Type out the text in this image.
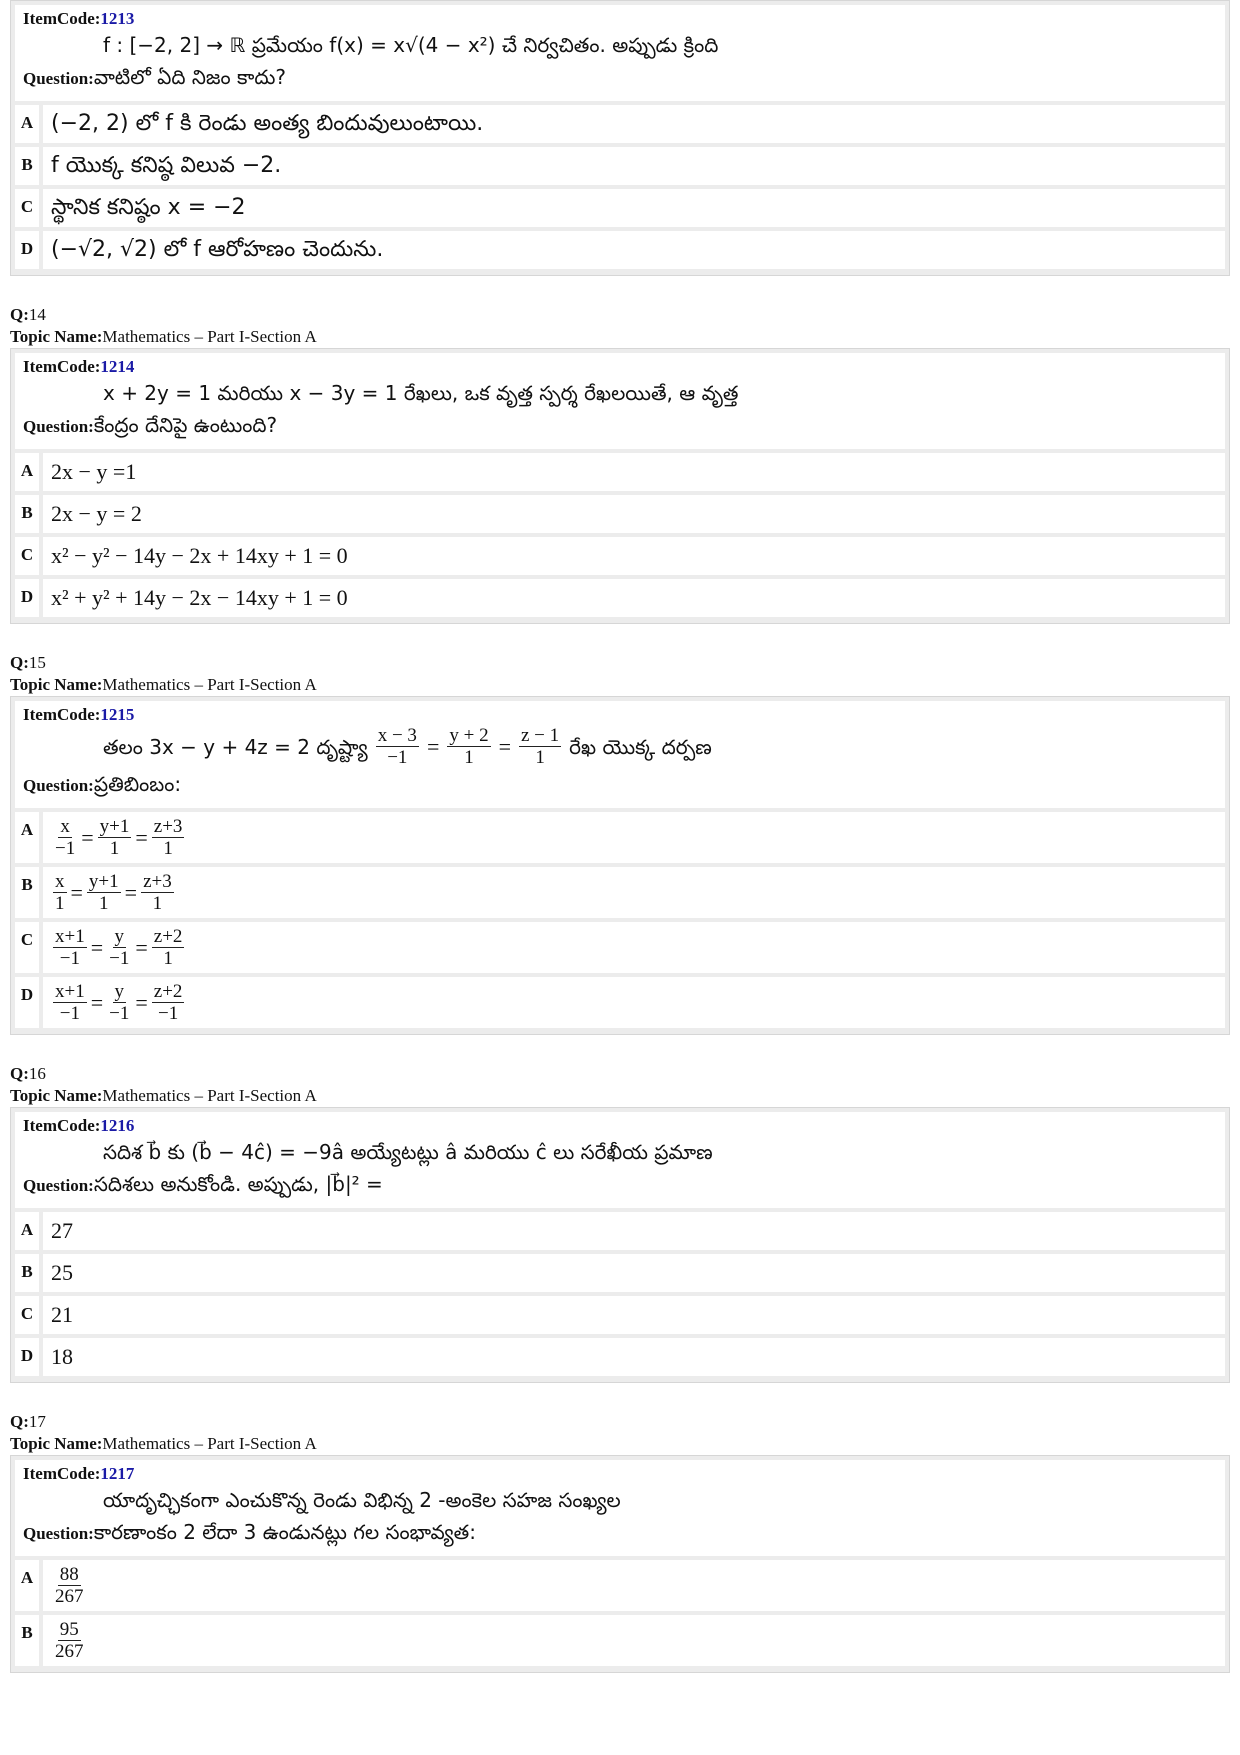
ItemCode:1213
f : [−2, 2] → ℝ ప్రమేయం f(x) = x√(4 − x²) చే నిర్వచితం. అప్పుడు క్రింది
Question:వాటిలో ఏది నిజం కాదు?
A (−2, 2) లో f కి రెండు అంత్య బిందువులుంటాయి.
B f యొక్క కనిష్ఠ విలువ −2.
C స్థానిక కనిష్ఠం x = −2
D (−√2, √2) లో f ఆరోహణం చెందును.
Q:14
Topic Name:Mathematics – Part I-Section A
ItemCode:1214
x + 2y = 1 మరియు x − 3y = 1 రేఖలు, ఒక వృత్త స్పర్శ రేఖలయితే, ఆ వృత్త
Question:కేంద్రం దేనిపై ఉంటుంది?
A 2x − y =1
B 2x − y = 2
C x² − y² − 14y − 2x + 14xy + 1 = 0
D x² + y² + 14y − 2x − 14xy + 1 = 0
Q:15
Topic Name:Mathematics – Part I-Section A
ItemCode:1215
తలం 3x − y + 4z = 2 దృష్ట్యా $\frac{x - 3}{-1} = \frac{y + 2}{1} = \frac{z - 1}{1}$ రేఖ యొక్క దర్పణ
Question:ప్రతిబింబం:
A	$\frac{x}{-1} = \frac{y+1}{1} = \frac{z+3}{1}$
B	$\frac{x}{1} = \frac{y+1}{1} = \frac{z+3}{1}$
C	$\frac{x+1}{-1} = \frac{y}{-1} = \frac{z+2}{1}$
D	$\frac{x+1}{-1} = \frac{y}{-1} = \frac{z+2}{-1}$
Q:16
Topic Name:Mathematics – Part I-Section A
ItemCode:1216
సదిశ b⃗ కు (b⃗ − 4ĉ) = −9â అయ్యేటట్లు â మరియు ĉ లు సరేఖీయ ప్రమాణ
Question:సదిశలు అనుకోండి. అప్పుడు, |b⃗|² =
A 27
B 25
C 21
D 18
Q:17
Topic Name:Mathematics – Part I-Section A
ItemCode:1217
యాదృచ్ఛికంగా ఎంచుకొన్న రెండు విభిన్న 2 -అంకెల సహజ సంఖ్యల
Question:కారణాంకం 2 లేదా 3 ఉండునట్లు గల సంభావ్యత:
A	$\frac{88}{267}$
B	$\frac{95}{267}$
